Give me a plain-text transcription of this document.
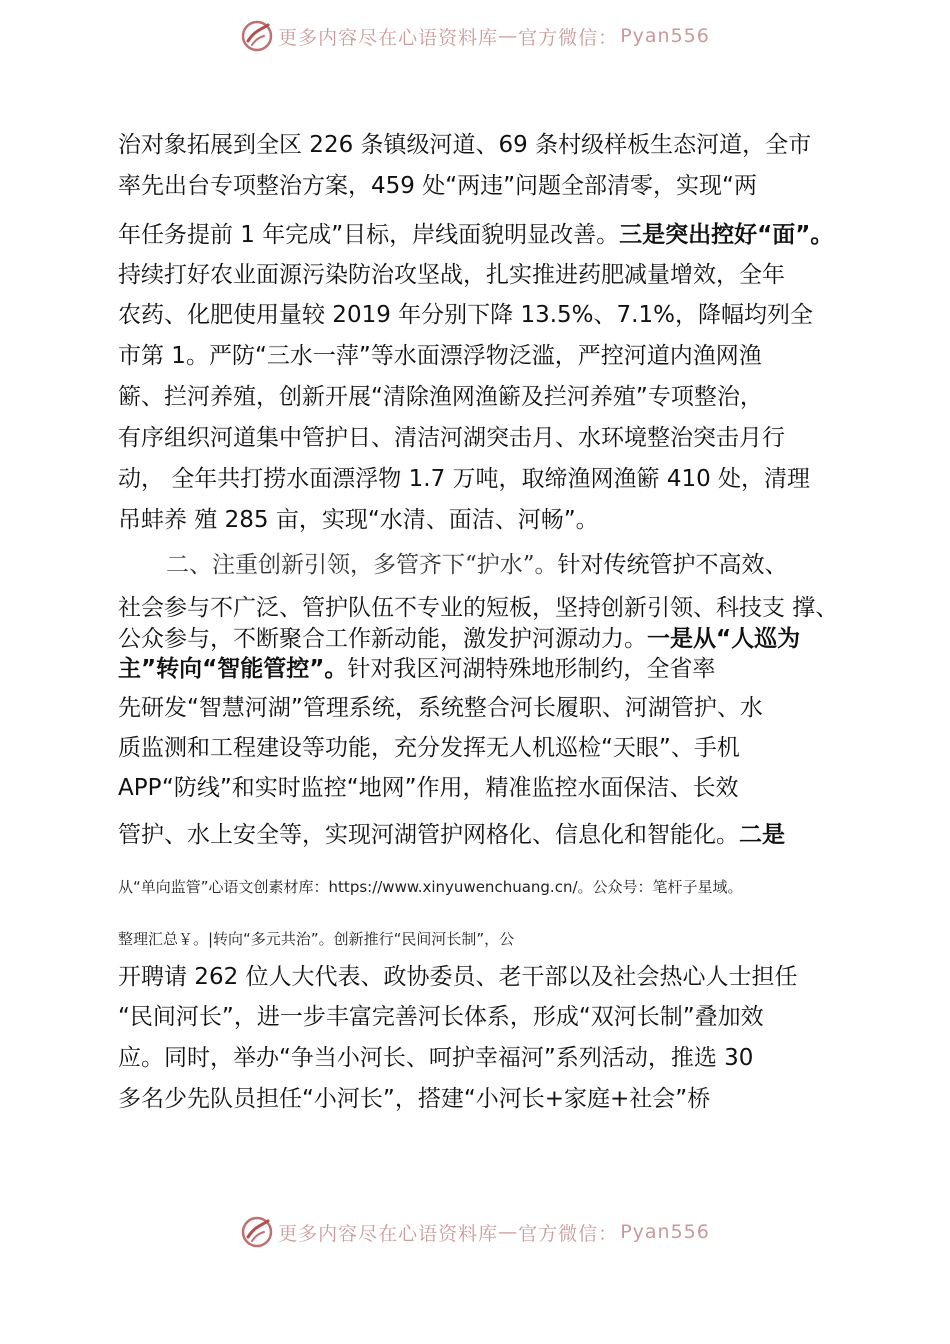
更多内容尽在心语资料库 — 官方微信： Pyan556
治对象拓展到全区 226 条镇级河道、69 条村级样板生态河道，全市
率先出台专项整治方案，459 处“两违”问题全部清零，实现“两
年任务提前 1 年完成”目标，岸线面貌明显改善。三是突出控好“面”。
持续打好农业面源污染防治攻坚战，扎实推进药肥减量增效，全年
农药、化肥使用量较 2019 年分别下降 13.5%、7.1%，降幅均列全
市第 1。严防“三水一萍”等水面漂浮物泛滥，严控河道内渔网渔
簖、拦河养殖，创新开展“清除渔网渔簖及拦河养殖”专项整治，
有序组织河道集中管护日、清洁河湖突击月、水环境整治突击月行
动， 全年共打捞水面漂浮物 1.7 万吨，取缔渔网渔簖 410 处，清理
吊蚌养 殖 285 亩，实现“水清、面洁、河畅”。
二、注重创新引领，多管齐下“护水”。针对传统管护不高效、
社会参与不广泛、管护队伍不专业的短板，坚持创新引领、科技支 撑、
公众参与，不断聚合工作新动能，激发护河源动力。一是从“人巡为
主”转向“智能管控”。针对我区河湖特殊地形制约，全省率
先研发“智慧河湖”管理系统，系统整合河长履职、河湖管护、水
质监测和工程建设等功能，充分发挥无人机巡检“天眼”、手机
APP“防线”和实时监控“地网”作用，精准监控水面保洁、长效
管护、水上安全等，实现河湖管护网格化、信息化和智能化。二是
从“单向监管”心语文创素材库：https://www.xinyuwenchuang.cn/。公众号：笔杆子星域。
整理汇总￥。|转向“多元共治”。创新推行“民间河长制”，公
开聘请 262 位人大代表、政协委员、老干部以及社会热心人士担任
“民间河长”，进一步丰富完善河长体系，形成“双河长制”叠加效
应。同时，举办“争当小河长、呵护幸福河”系列活动，推选 30
多名少先队员担任“小河长”，搭建“小河长+家庭+社会”桥
更多内容尽在心语资料库 — 官方微信： Pyan556
